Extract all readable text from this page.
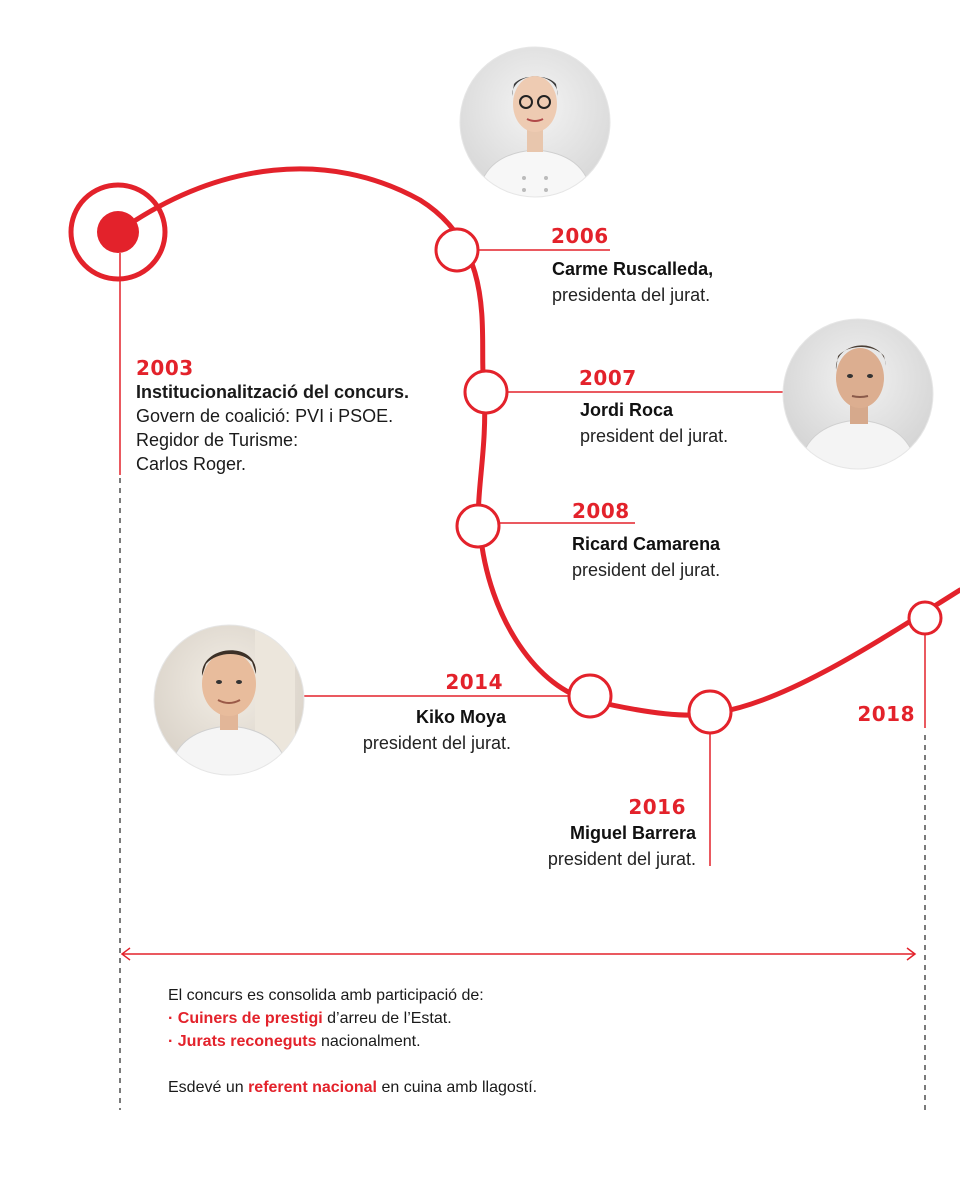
2003
Institucionalització del concurs.
Govern de coalició: PVI i PSOE.
Regidor de Turisme:
Carlos Roger.
2006
Carme Ruscalleda,
presidenta del jurat.
2007
Jordi Roca
president del jurat.
2008
Ricard Camarena
president del jurat.
2014
Kiko Moya
president del jurat.
2016
Miguel Barrera
president del jurat.
2018

El concurs es consolida amb participació de:

· Cuiners de prestigi d’arreu de l’Estat.

· Jurats reconeguts nacionalment.

Esdevé un referent nacional en cuina amb llagostí.
